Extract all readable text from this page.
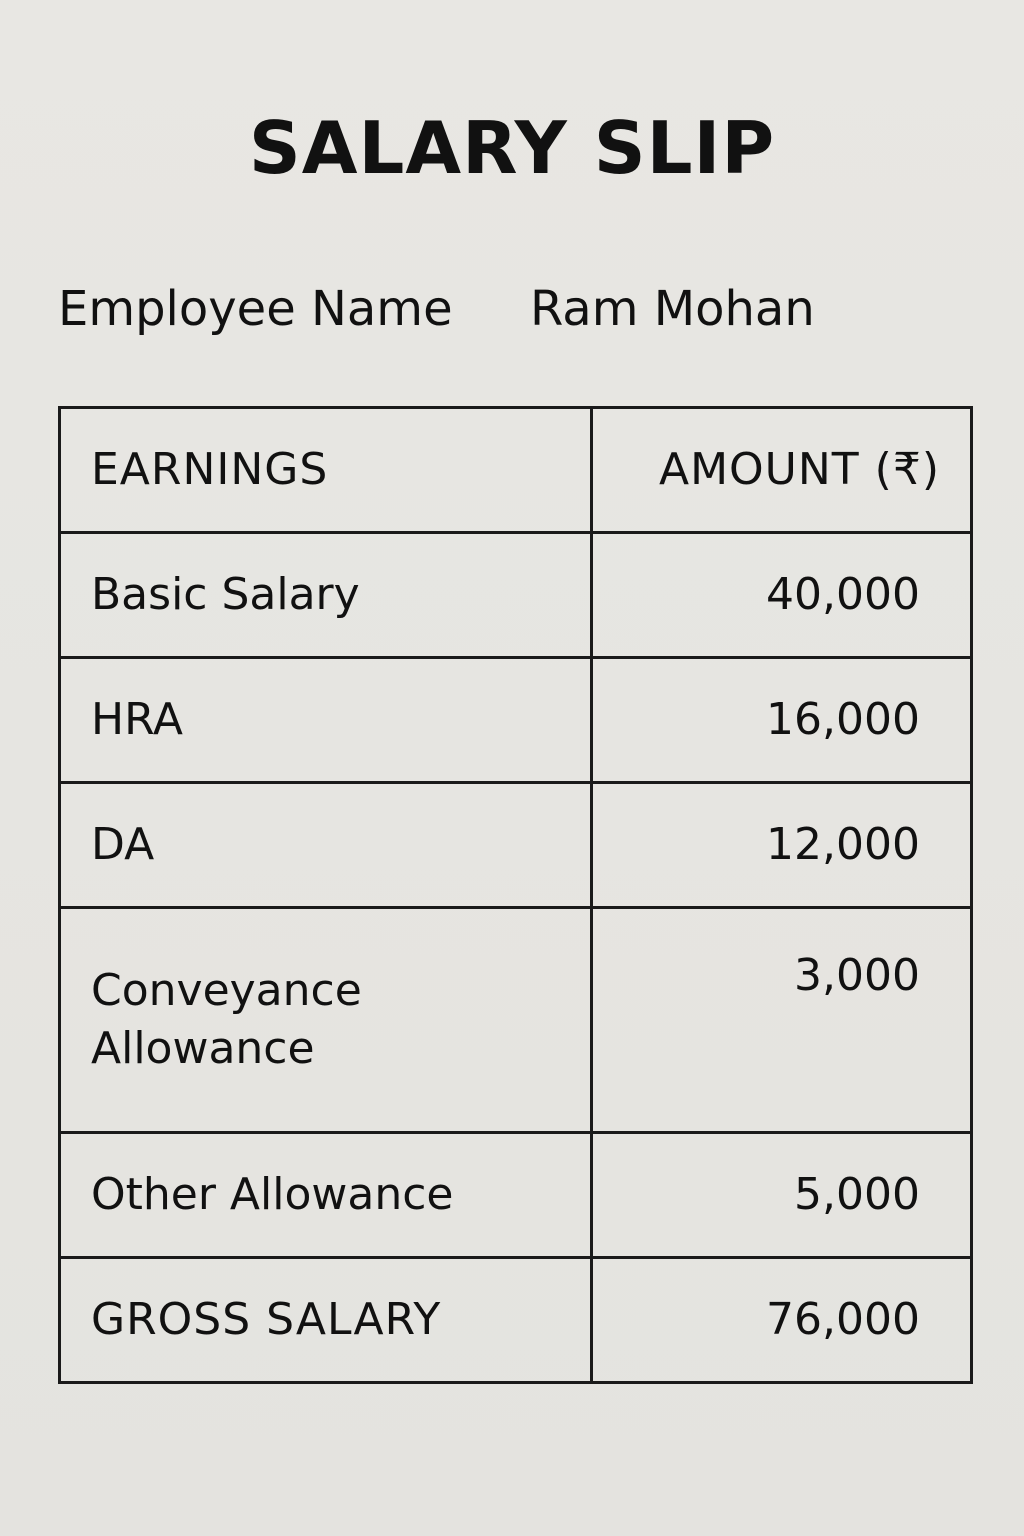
SALARY SLIP
Employee Name Ram Mohan
EARNINGS	AMOUNT (₹)
Basic Salary	40,000
HRA	16,000
DA	12,000
Conveyance Allowance	3,000
Other Allowance	5,000
GROSS SALARY	76,000
